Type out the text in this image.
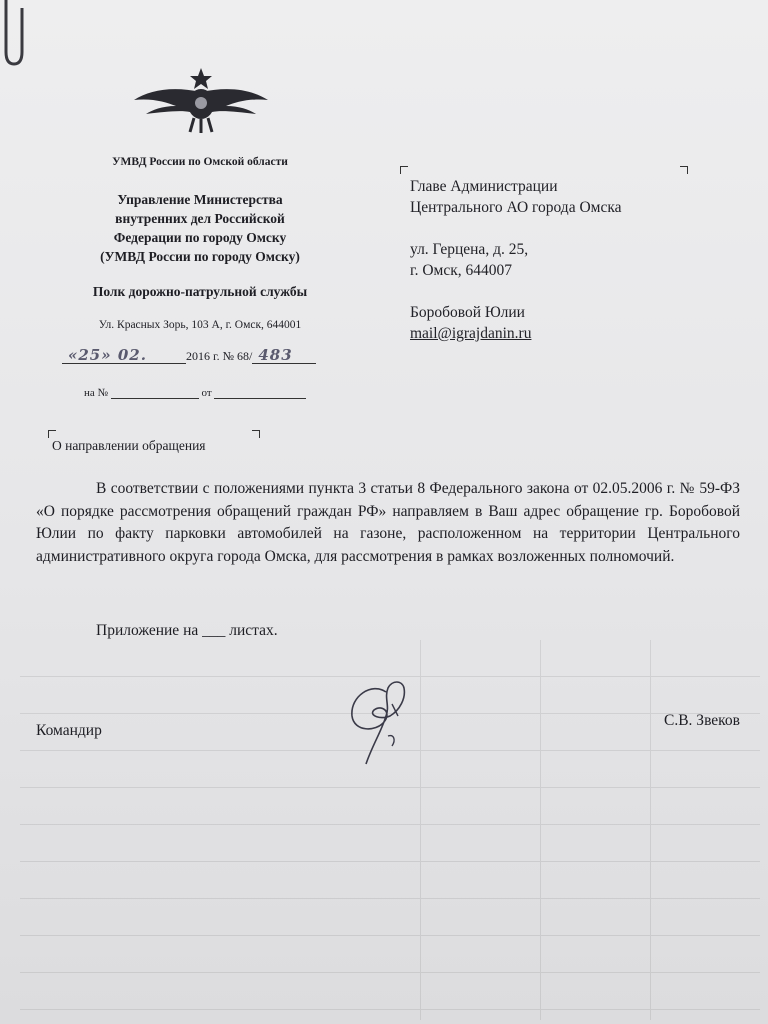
УМВД России по Омской области
Управление Министерства
внутренних дел Российской
Федерации по городу Омску
(УМВД России по городу Омску)
Полк дорожно-патрульной службы
Ул. Красных Зорь, 103 А, г. Омск, 644001
«25» 02.	2016 г. № 68/ 483
на №	от
Главе Администрации
Центрального АО города Омска
ул. Герцена, д. 25,
г. Омск, 644007
Боробовой Юлии
mail@igrajdanin.ru
О направлении обращения

В соответствии с положениями пункта 3 статьи 8 Федерального закона от 02.05.2006 г. № 59-ФЗ «О порядке рассмотрения обращений граждан РФ» направляем в Ваш адрес обращение гр. Боробовой Юлии по факту парковки автомобилей на газоне, расположенном на территории Центрального административного округа города Омска, для рассмотрения в рамках возложенных полномочий.

Приложение на ___ листах.
Командир
С.В. Звеков
